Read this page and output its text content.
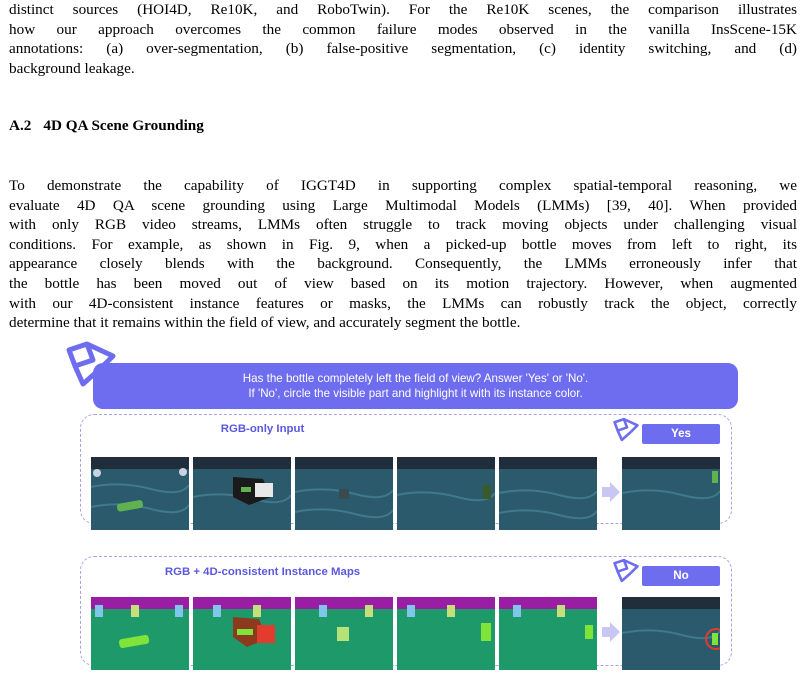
distinct sources (HOI4D, Re10K, and RoboTwin). For the Re10K scenes, the comparison illustrates
how our approach overcomes the common failure modes observed in the vanilla InsScene-15K
annotations: (a) over-segmentation, (b) false-positive segmentation, (c) identity switching, and (d)
background leakage.
A.2 4D QA Scene Grounding
To demonstrate the capability of IGGT4D in supporting complex spatial-temporal reasoning, we
evaluate 4D QA scene grounding using Large Multimodal Models (LMMs) [39, 40]. When provided
with only RGB video streams, LMMs often struggle to track moving objects under challenging visual
conditions. For example, as shown in Fig. 9, when a picked-up bottle moves from left to right, its
appearance closely blends with the background. Consequently, the LMMs erroneously infer that
the bottle has been moved out of view based on its motion trajectory. However, when augmented
with our 4D-consistent instance features or masks, the LMMs can robustly track the object, correctly
determine that it remains within the field of view, and accurately segment the bottle.
Has the bottle completely left the field of view? Answer 'Yes' or 'No'.
If 'No', circle the visible part and highlight it with its instance color.
RGB-only Input	Yes
RGB + 4D-consistent Instance Maps	No
